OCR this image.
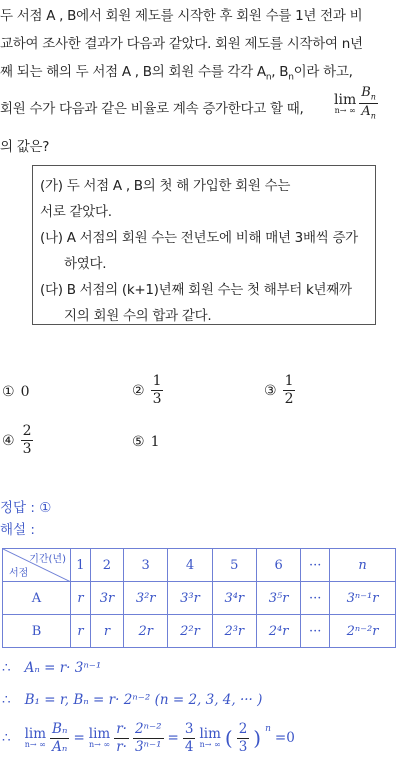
두 서점 A , B에서 회원 제도를 시작한 후 회원 수를 1년 전과 비
교하여 조사한 결과가 다음과 같았다. 회원 제도를 시작하여 n년
째 되는 해의 두 서점 A , B의 회원 수를 각각 $A_n$, $B_n$이라 하고,
회원 수가 다음과 같은 비율로 계속 증가한다고 할 때,
lim
n→ ∞ $\frac{B_n}{A_n}$
의 값은?
(가) 두 서점 A , B의 첫 해 가입한 회원 수는
서로 같았다.
(나) A 서점의 회원 수는 전년도에 비해 매년 3배씩 증가
하였다.
(다) B 서점의 (k+1)년째 회원 수는 첫 해부터 k년째까
지의 회원 수의 합과 같다.
① 0	② $\frac{1}{3}$	③ $\frac{1}{2}$
④ $\frac{2}{3}$	⑤ 1
정답 : ①
해설 :
기간(년)
서점	1	2	3	4	5	6	···	n
A	r	3r	3²r	3³r	3⁴r	3⁵r	···	3ⁿ⁻¹r
B	r	r	2r	2²r	2³r	2⁴r	···	2ⁿ⁻²r
∴ Aₙ = r· 3ⁿ⁻¹
∴ B₁ = r, Bₙ = r· 2ⁿ⁻² (n = 2, 3, 4, ··· )
∴ lim
n→ ∞ $\frac{\text{Bₙ}}{\text{Aₙ}} = \lim$
n→ ∞ $\frac{r\cdot}{r\cdot} \frac{\text{2ⁿ⁻²}}{\text{3ⁿ⁻¹}} = \frac{3}{4}$ lim
n→ ∞ ( $\frac{2}{3}$ ) $^n$
=0
